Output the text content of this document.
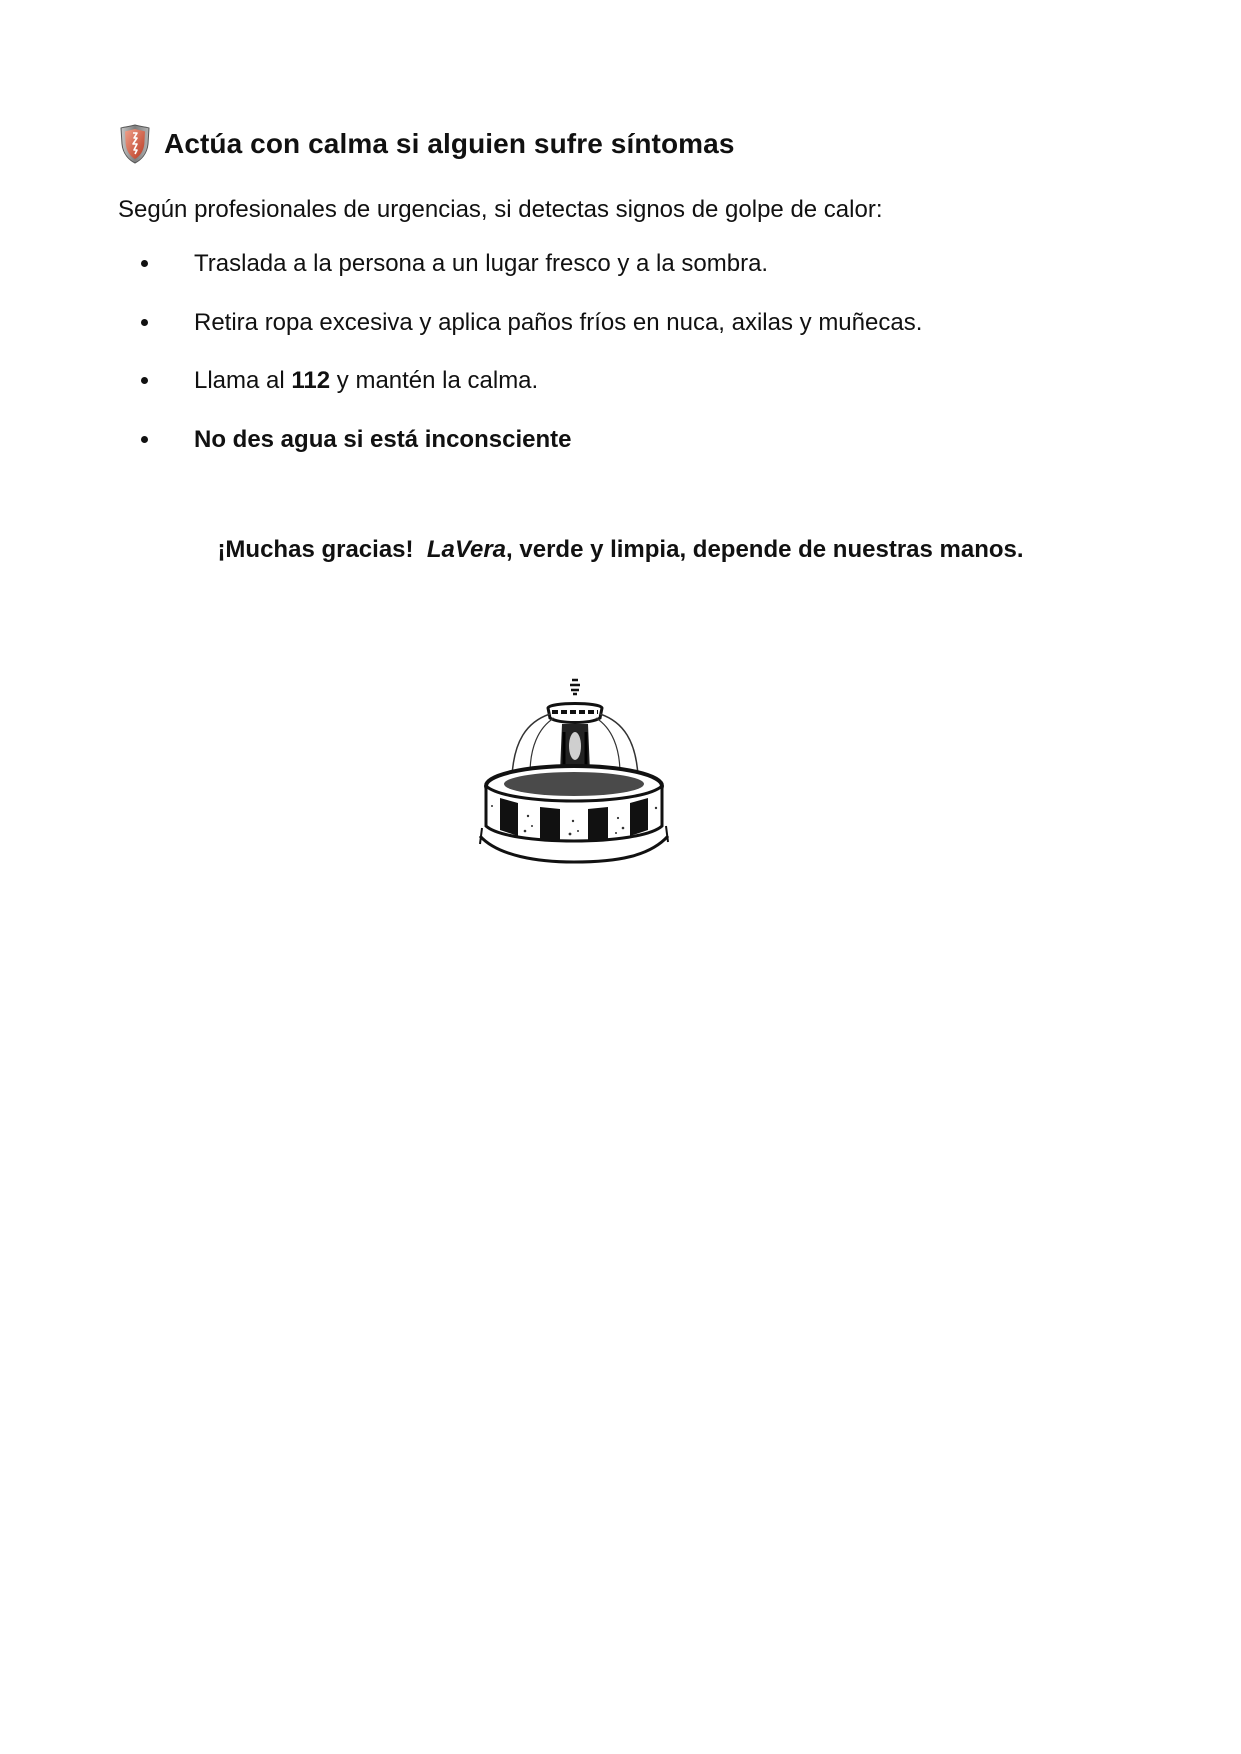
Actúa con calma si alguien sufre síntomas
Según profesionales de urgencias, si detectas signos de golpe de calor:
Traslada a la persona a un lugar fresco y a la sombra.
Retira ropa excesiva y aplica paños fríos en nuca, axilas y muñecas.
Llama al 112 y mantén la calma.
No des agua si está inconsciente
¡Muchas gracias! LaVera, verde y limpia, depende de nuestras manos.
